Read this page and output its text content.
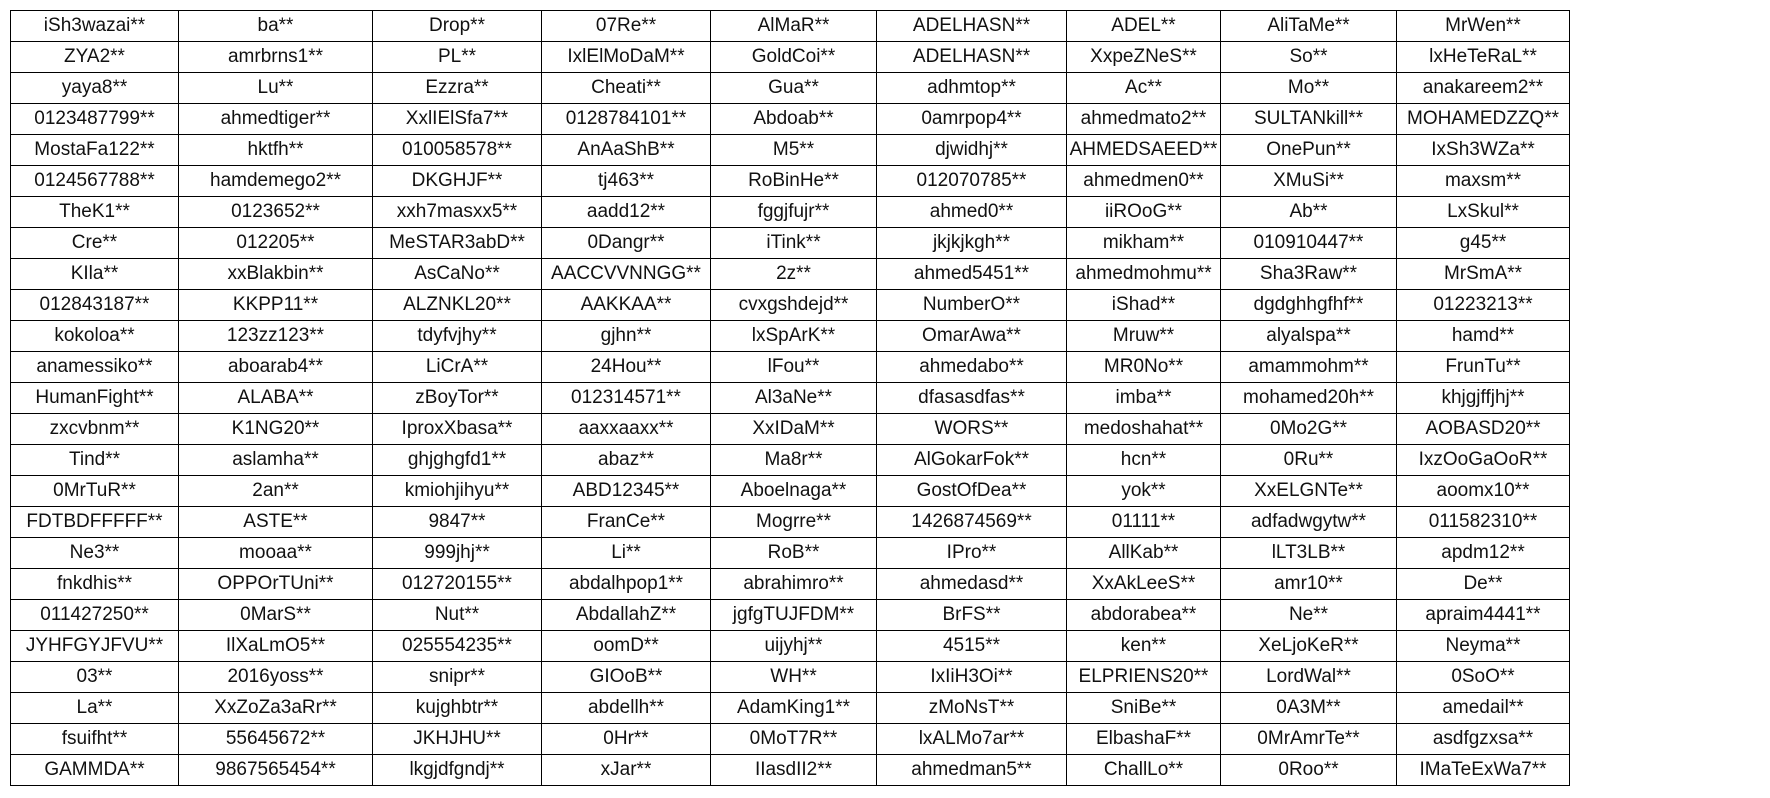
iSh3wazai**	ba**	Drop**	07Re**	AlMaR**	ADELHASN**	ADEL**	AliTaMe**	MrWen**
ZYA2**	amrbrns1**	PL**	IxlElMoDaM**	GoldCoi**	ADELHASN**	XxpeZNeS**	So**	lxHeTeRaL**
yaya8**	Lu**	Ezzra**	Cheati**	Gua**	adhmtop**	Ac**	Mo**	anakareem2**
0123487799**	ahmedtiger**	XxlIElSfa7**	0128784101**	Abdoab**	0amrpop4**	ahmedmato2**	SULTANkill**	MOHAMEDZZQ**
MostaFa122**	hktfh**	010058578**	AnAaShB**	M5**	djwidhj**	AHMEDSAEED**	OnePun**	IxSh3WZa**
0124567788**	hamdemego2**	DKGHJF**	tj463**	RoBinHe**	012070785**	ahmedmen0**	XMuSi**	maxsm**
TheK1**	0123652**	xxh7masxx5**	aadd12**	fggjfujr**	ahmed0**	iiROoG**	Ab**	LxSkul**
Cre**	012205**	MeSTAR3abD**	0Dangr**	iTink**	jkjkjkgh**	mikham**	010910447**	g45**
KIla**	xxBlakbin**	AsCaNo**	AACCVVNNGG**	2z**	ahmed5451**	ahmedmohmu**	Sha3Raw**	MrSmA**
012843187**	KKPP11**	ALZNKL20**	AAKKAA**	cvxgshdejd**	NumberO**	iShad**	dgdghhgfhf**	01223213**
kokoloa**	123zz123**	tdyfvjhy**	gjhn**	lxSpArK**	OmarAwa**	Mruw**	alyalspa**	hamd**
anamessiko**	aboarab4**	LiCrA**	24Hou**	lFou**	ahmedabo**	MR0No**	amammohm**	FrunTu**
HumanFight**	ALABA**	zBoyTor**	012314571**	Al3aNe**	dfasasdfas**	imba**	mohamed20h**	khjgjffjhj**
zxcvbnm**	K1NG20**	IproxXbasa**	aaxxaaxx**	XxIDaM**	WORS**	medoshahat**	0Mo2G**	AOBASD20**
Tind**	aslamha**	ghjghgfd1**	abaz**	Ma8r**	AlGokarFok**	hcn**	0Ru**	IxzOoGaOoR**
0MrTuR**	2an**	kmiohjihyu**	ABD12345**	Aboelnaga**	GostOfDea**	yok**	XxELGNTe**	aoomx10**
FDTBDFFFFF**	ASTE**	9847**	FranCe**	Mogrre**	1426874569**	01111**	adfadwgytw**	011582310**
Ne3**	mooaa**	999jhj**	Li**	RoB**	IPro**	AllKab**	lLT3LB**	apdm12**
fnkdhis**	OPPOrTUni**	012720155**	abdalhpop1**	abrahimro**	ahmedasd**	XxAkLeeS**	amr10**	De**
011427250**	0MarS**	Nut**	AbdallahZ**	jgfgTUJFDM**	BrFS**	abdorabea**	Ne**	apraim4441**
JYHFGYJFVU**	IlXaLmO5**	025554235**	oomD**	uijyhj**	4515**	ken**	XeLjoKeR**	Neyma**
03**	2016yoss**	snipr**	GIOoB**	WH**	IxIiH3Oi**	ELPRIENS20**	LordWal**	0SoO**
La**	XxZoZa3aRr**	kujghbtr**	abdellh**	AdamKing1**	zMoNsT**	SniBe**	0A3M**	amedail**
fsuifht**	55645672**	JKHJHU**	0Hr**	0MoT7R**	lxALMo7ar**	ElbashaF**	0MrAmrTe**	asdfgzxsa**
GAMMDA**	9867565454**	lkgjdfgndj**	xJar**	IIasdII2**	ahmedman5**	ChallLo**	0Roo**	IMaTeExWa7**
